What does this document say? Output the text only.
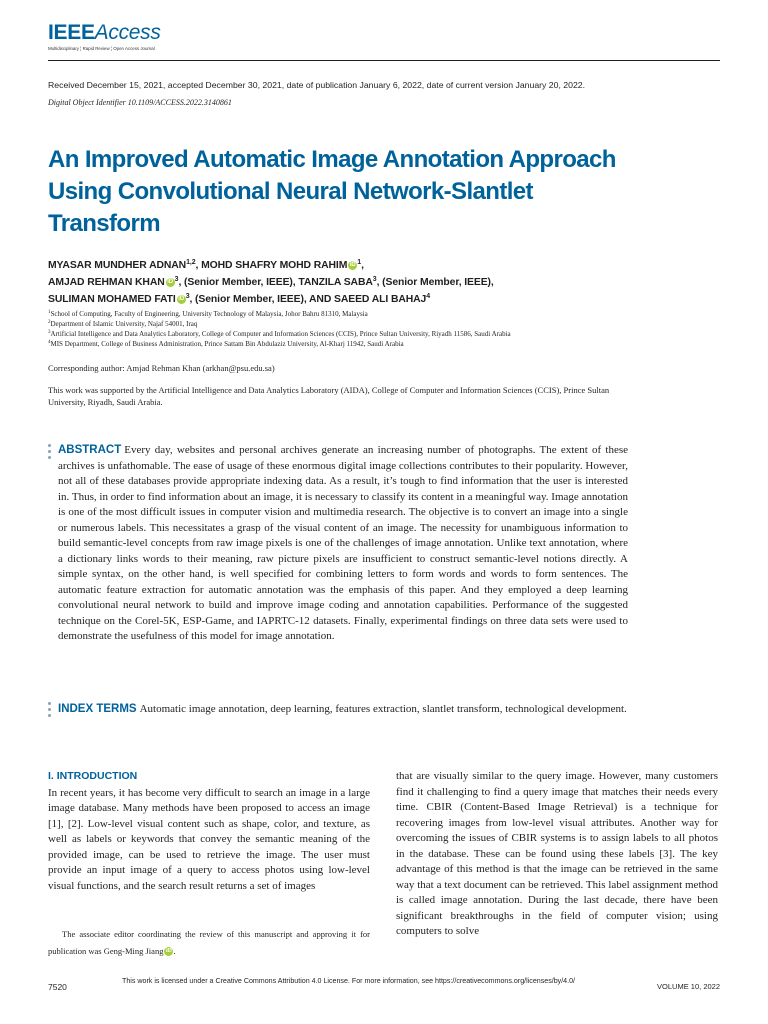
IEEEAccess
Multidisciplinary ¦ Rapid Review ¦ Open Access Journal
Received December 15, 2021, accepted December 30, 2021, date of publication January 6, 2022, date of current version January 20, 2022.
Digital Object Identifier 10.1109/ACCESS.2022.3140861
An Improved Automatic Image Annotation Approach Using Convolutional Neural Network-Slantlet Transform
MYASAR MUNDHER ADNAN$^{1,2}$, MOHD SHAFRY MOHD RAHIM iD $^1$,
AMJAD REHMAN KHAN iD $^3$, (Senior Member, IEEE), TANZILA SABA$^3$, (Senior Member, IEEE),
SULIMAN MOHAMED FATI iD $^3$, (Senior Member, IEEE), AND SAEED ALI BAHAJ$^4$
$^1$School of Computing, Faculty of Engineering, University Technology of Malaysia, Johor Bahru 81310, Malaysia
$^2$Department of Islamic University, Najaf 54001, Iraq
$^3$Artificial Intelligence and Data Analytics Laboratory, College of Computer and Information Sciences (CCIS), Prince Sultan University, Riyadh 11586, Saudi Arabia
$^4$MIS Department, College of Business Administration, Prince Sattam Bin Abdulaziz University, Al-Kharj 11942, Saudi Arabia
Corresponding author: Amjad Rehman Khan (arkhan@psu.edu.sa)
This work was supported by the Artificial Intelligence and Data Analytics Laboratory (AIDA), College of Computer and Information Sciences (CCIS), Prince Sultan University, Riyadh, Saudi Arabia.
ABSTRACT Every day, websites and personal archives generate an increasing number of photographs. The extent of these archives is unfathomable. The ease of usage of these enormous digital image collections contributes to their popularity. However, not all of these databases provide appropriate indexing data. As a result, it’s tough to find information that the user is interested in. Thus, in order to find information about an image, it is necessary to classify its content in a meaningful way. Image annotation is one of the most difficult issues in computer vision and multimedia research. The objective is to convert an image into a single or numerous labels. This necessitates a grasp of the visual content of an image. The necessity for unambiguous information to build semantic-level concepts from raw image pixels is one of the challenges of image annotation. Unlike text annotation, where a dictionary links words to their meaning, raw picture pixels are insufficient to construct semantic-level notions directly. A simple syntax, on the other hand, is well specified for combining letters to form words and words to form sentences. The automatic feature extraction for automatic annotation was the emphasis of this paper. And they employed a deep learning convolutional neural network to build and improve image coding and annotation capabilities. Performance of the suggested technique on the Corel-5K, ESP-Game, and IAPRTC-12 datasets. Finally, experimental findings on three data sets were used to demonstrate the usefulness of this model for image annotation.
INDEX TERMS Automatic image annotation, deep learning, features extraction, slantlet transform, technological development.
I. INTRODUCTION
In recent years, it has become very difficult to search an image in a large image database. Many methods have been proposed to access an image [1], [2]. Low-level visual content such as shape, color, and texture, as well as labels or keywords that convey the semantic meaning of the provided image, can be used to retrieve the image. The user must provide an input image of a query to access photos using low-level visual functions, and the search result returns a set of images
that are visually similar to the query image. However, many customers find it challenging to find a query image that matches their needs every time. CBIR (Content-Based Image Retrieval) is a technique for recovering images from low-level visual attributes. Another way for overcoming the issues of CBIR systems is to assign labels to all photos in the database. These can be found using these labels [3]. The key advantage of this method is that the image can be retrieved in the same way that a text document can be retrieved. This label assignment method is called image annotation. During the last decade, there have been significant breakthroughs in the field of computer vision; using computers to solve
The associate editor coordinating the review of this manuscript and approving it for publication was Geng-Ming Jiang iD .
7520
This work is licensed under a Creative Commons Attribution 4.0 License. For more information, see https://creativecommons.org/licenses/by/4.0/
VOLUME 10, 2022
